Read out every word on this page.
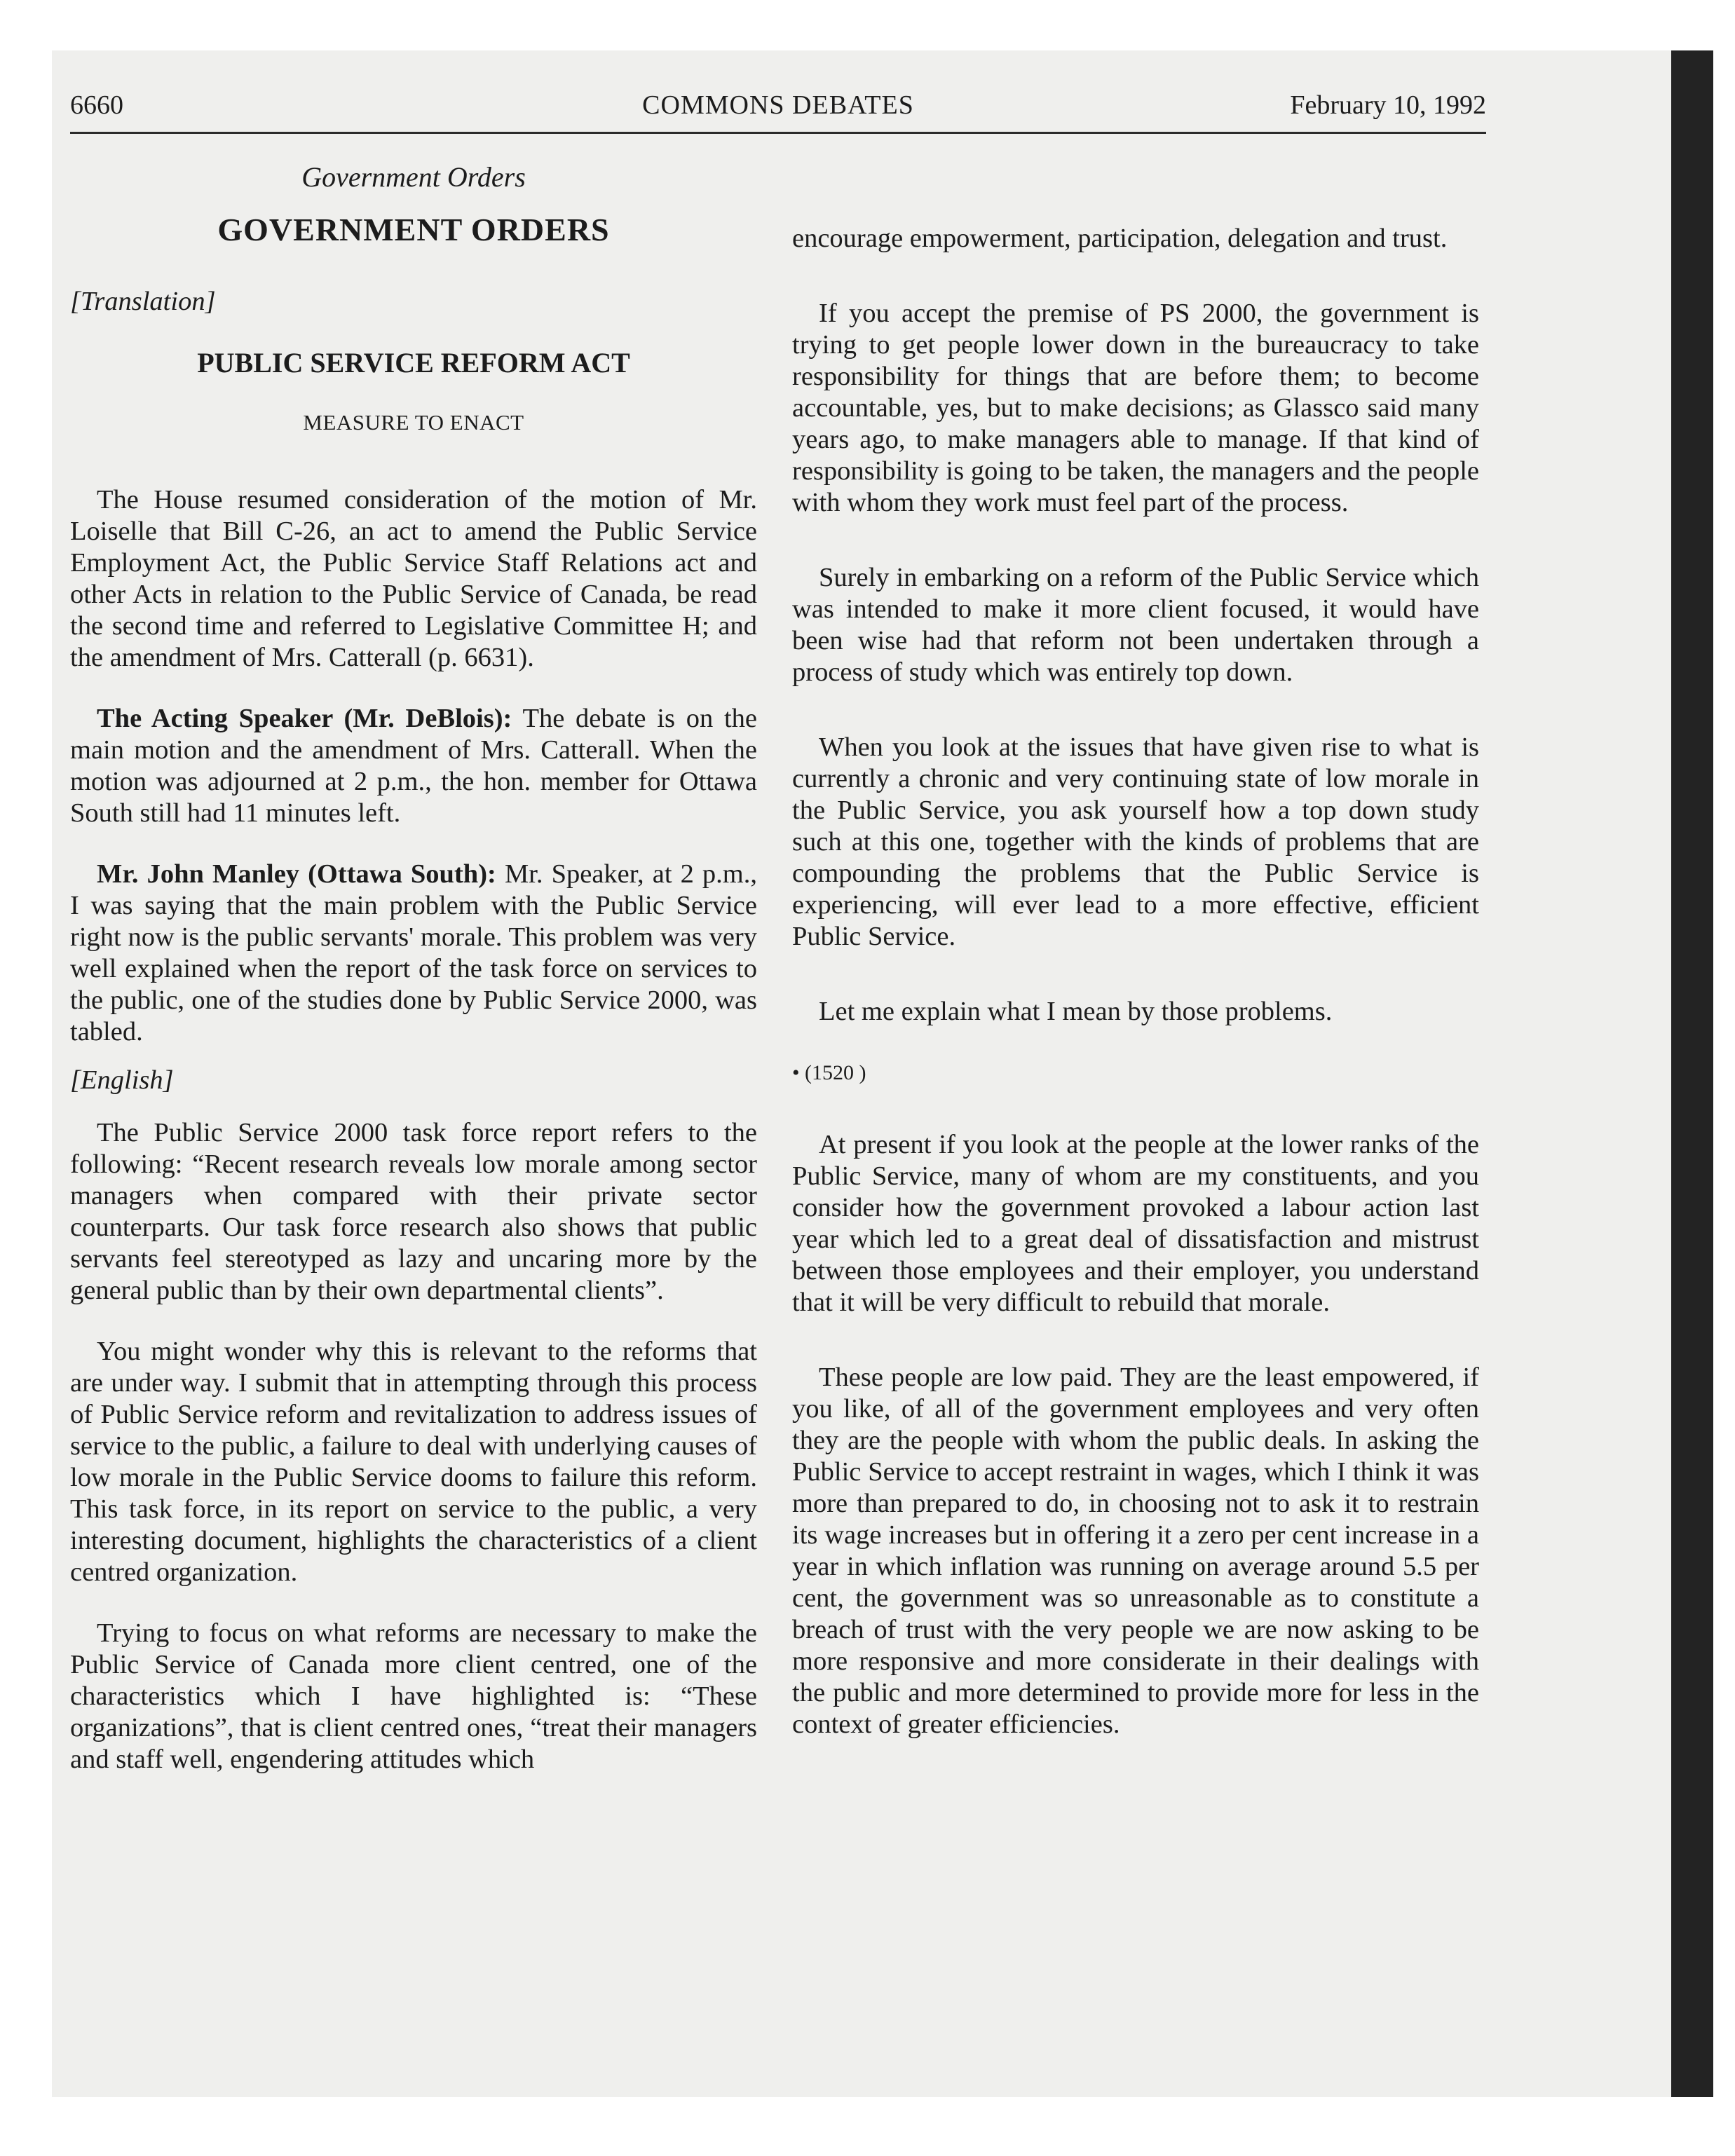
6660	COMMONS DEBATES	February 10, 1992
Government Orders
GOVERNMENT ORDERS

[Translation]

PUBLIC SERVICE REFORM ACT
MEASURE TO ENACT

The House resumed consideration of the motion of Mr. Loiselle that Bill C-26, an act to amend the Public Service Employment Act, the Public Service Staff Relations act and other Acts in relation to the Public Service of Canada, be read the second time and referred to Legislative Committee H; and the amendment of Mrs. Catterall (p. 6631).

The Acting Speaker (Mr. DeBlois): The debate is on the main motion and the amendment of Mrs. Catterall. When the motion was adjourned at 2 p.m., the hon. member for Ottawa South still had 11 minutes left.

Mr. John Manley (Ottawa South): Mr. Speaker, at 2 p.m., I was saying that the main problem with the Public Service right now is the public servants' morale. This problem was very well explained when the report of the task force on services to the public, one of the studies done by Public Service 2000, was tabled.

[English]

The Public Service 2000 task force report refers to the following: “Recent research reveals low morale among sector managers when compared with their private sector counterparts. Our task force research also shows that public servants feel stereotyped as lazy and uncaring more by the general public than by their own departmental clients”.

You might wonder why this is relevant to the reforms that are under way. I submit that in attempting through this process of Public Service reform and revitalization to address issues of service to the public, a failure to deal with underlying causes of low morale in the Public Service dooms to failure this reform. This task force, in its report on service to the public, a very interesting document, highlights the characteristics of a client centred organization.

Trying to focus on what reforms are necessary to make the Public Service of Canada more client centred, one of the characteristics which I have highlighted is: “These organizations”, that is client centred ones, “treat their managers and staff well, engendering attitudes which

encourage empowerment, participation, delegation and trust.

If you accept the premise of PS 2000, the government is trying to get people lower down in the bureaucracy to take responsibility for things that are before them; to become accountable, yes, but to make decisions; as Glassco said many years ago, to make managers able to manage. If that kind of responsibility is going to be taken, the managers and the people with whom they work must feel part of the process.

Surely in embarking on a reform of the Public Service which was intended to make it more client focused, it would have been wise had that reform not been undertaken through a process of study which was entirely top down.

When you look at the issues that have given rise to what is currently a chronic and very continuing state of low morale in the Public Service, you ask yourself how a top down study such at this one, together with the kinds of problems that are compounding the problems that the Public Service is experiencing, will ever lead to a more effective, efficient Public Service.

Let me explain what I mean by those problems.

• (1520 )

At present if you look at the people at the lower ranks of the Public Service, many of whom are my constituents, and you consider how the government provoked a labour action last year which led to a great deal of dissatisfaction and mistrust between those employees and their employer, you understand that it will be very difficult to rebuild that morale.

These people are low paid. They are the least empowered, if you like, of all of the government employees and very often they are the people with whom the public deals. In asking the Public Service to accept restraint in wages, which I think it was more than prepared to do, in choosing not to ask it to restrain its wage increases but in offering it a zero per cent increase in a year in which inflation was running on average around 5.5 per cent, the government was so unreasonable as to constitute a breach of trust with the very people we are now asking to be more responsive and more considerate in their dealings with the public and more determined to provide more for less in the context of greater efficiencies.
